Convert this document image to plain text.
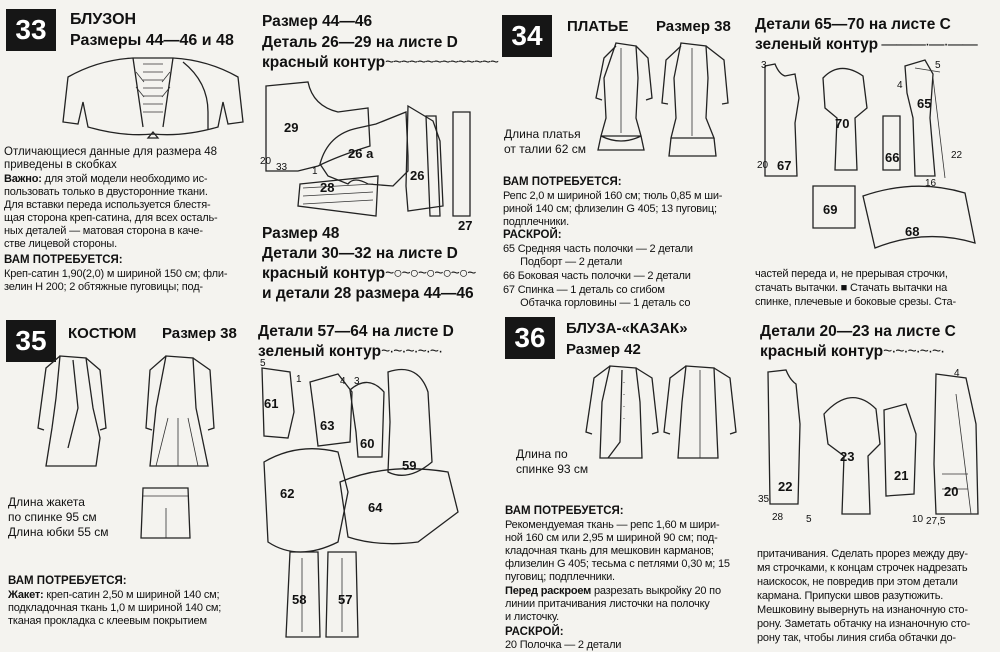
33	БЛУЗОН
Размеры 44—46 и 48
Отличающиеся данные для размера 48
приведены в скобках
Важно: для этой модели необходимо ис-
пользовать только в двусторонние ткани.
Для вставки переда используется блестя-
щая сторона креп-сатина, для всех осталь-
ных деталей — матовая сторона в каче-
стве лицевой стороны.
ВАМ ПОТРЕБУЕТСЯ:
Креп-сатин 1,90(2,0) м шириной 150 см; фли-
зелин Н 200; 2 обтяжные пуговицы; под-
Размер 44—46
Деталь 26—29 на листе D
красный контур~~~~~~~~~~~~~~
29
26 а
26
27
28
20
33 1
Размер 48
Детали 30—32 на листе D
красный контур~○~○~○~○~○~
и детали 28 размера 44—46
34	ПЛАТЬЕ Размер 38
Длина платья
от талии 62 см
ВАМ ПОТРЕБУЕТСЯ:
Репс 2,0 м шириной 160 см; тюль 0,85 м ши-
риной 140 см; флизелин G 405; 13 пуговиц;
подплечники.
РАСКРОЙ:
65 Средняя часть полочки — 2 детали
Подборт — 2 детали
66 Боковая часть полочки — 2 детали
67 Спинка — 1 деталь со сгибом
Обтачка горловины — 1 деталь со
Детали 65—70 на листе С
зеленый контур ———·—·——
70
65
67
66
69
68
3
20
16
22
4
5
частей переда и, не прерывая строчки,
стачать вытачки. ■ Стачать вытачки на
спинке, плечевые и боковые срезы. Ста-
35	КОСТЮМ Размер 38
Длина жакета
по спинке 95 см
Длина юбки 55 см
ВАМ ПОТРЕБУЕТСЯ:
Жакет: креп-сатин 2,50 м шириной 140 см;
подкладочная ткань 1,0 м шириной 140 см;
тканая прокладка с клеевым покрытием
Детали 57—64 на листе D
зеленый контур~·~·~·~·~·
61
63
60
59
62
64
58 57
5
1	4 3
36	БЛУЗА-«КАЗАК»
Размер 42
Длина по
спинке 93 см
ВАМ ПОТРЕБУЕТСЯ:
Рекомендуемая ткань — репс 1,60 м шири-
ной 160 см или 2,95 м шириной 90 см; под-
кладочная ткань для мешковин карманов;
флизелин G 405; тесьма с петлями 0,30 м; 15
пуговиц; подплечники.
Перед раскроем разрезать выкройку 20 по
линии притачивания листочки на полочку
и листочку.
РАСКРОЙ:
20 Полочка — 2 детали
Детали 20—23 на листе С
красный контур~·~·~·~·~·
23
22
21
20
35
28 5	27,5
10
4
притачивания. Сделать прорез между дву-
мя строчками, к концам строчек надрезать
наискосок, не повредив при этом детали
кармана. Припуски швов разутюжить.
Мешковину вывернуть на изнаночную сто-
рону. Заметать обтачку на изнаночную сто-
рону так, чтобы линия сгиба обтачки до-
